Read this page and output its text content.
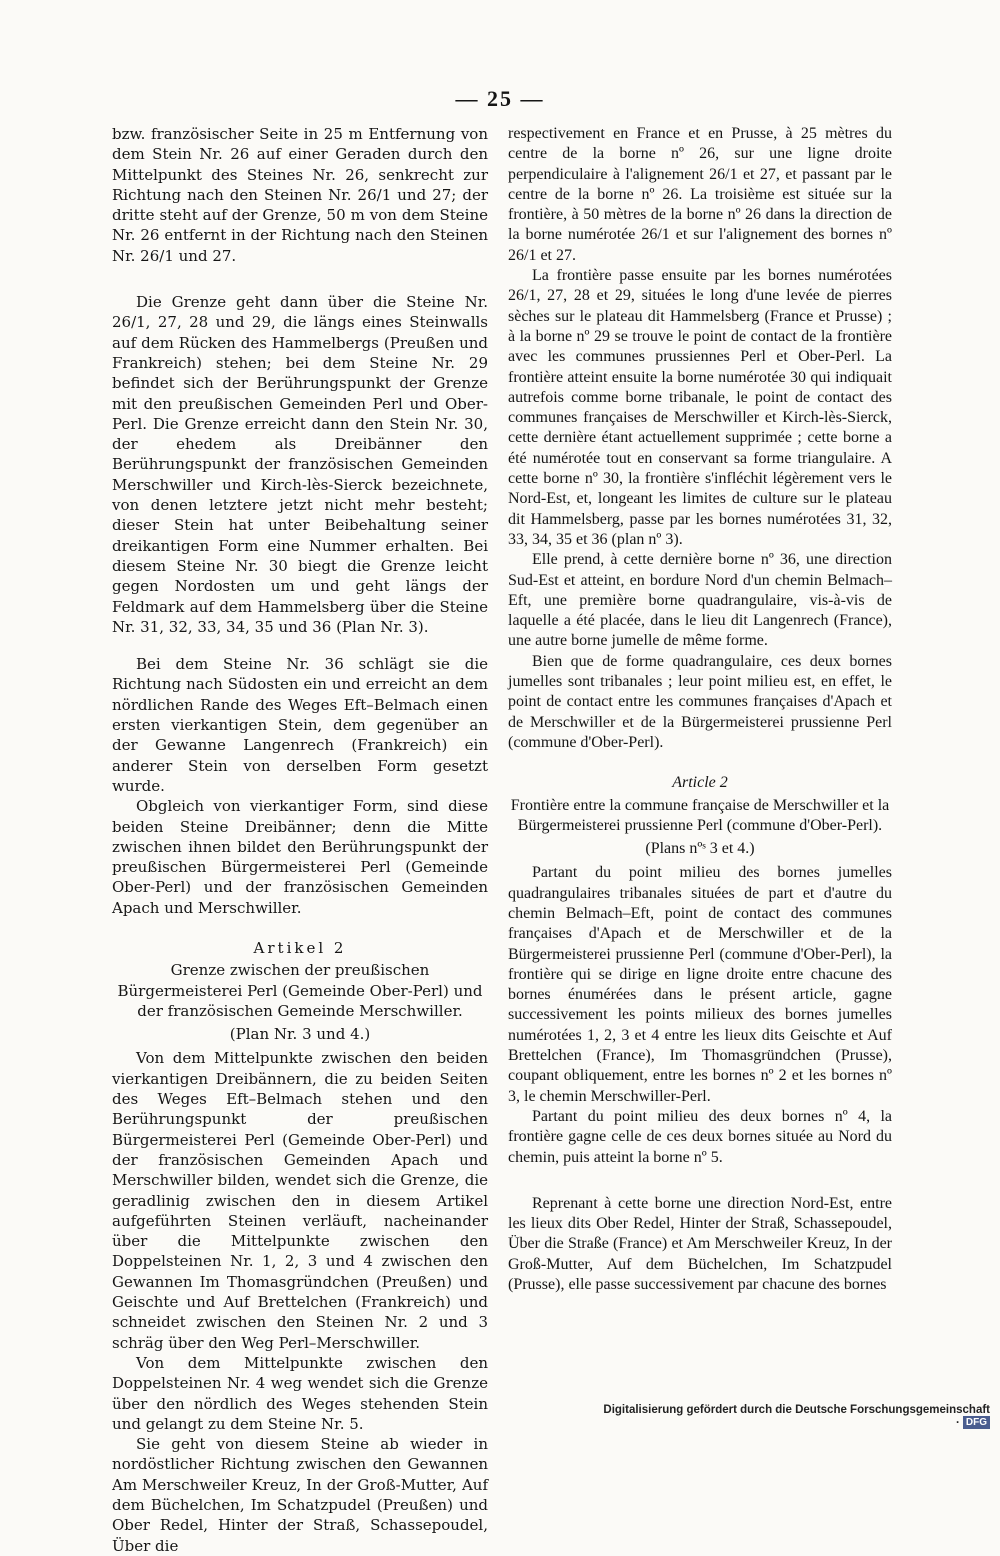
— 25 —

bzw. französischer Seite in 25 m Entfernung von dem Stein Nr. 26 auf einer Geraden durch den Mittelpunkt des Steines Nr. 26, senkrecht zur Richtung nach den Steinen Nr. 26/1 und 27; der dritte steht auf der Grenze, 50 m von dem Steine Nr. 26 entfernt in der Richtung nach den Steinen Nr. 26/1 und 27.

Die Grenze geht dann über die Steine Nr. 26/1, 27, 28 und 29, die längs eines Steinwalls auf dem Rücken des Hammelbergs (Preußen und Frankreich) stehen; bei dem Steine Nr. 29 befindet sich der Berührungspunkt der Grenze mit den preußischen Gemeinden Perl und Ober-Perl. Die Grenze erreicht dann den Stein Nr. 30, der ehedem als Dreibänner den Berührungspunkt der französischen Gemeinden Merschwiller und Kirch-lès-Sierck bezeichnete, von denen letztere jetzt nicht mehr besteht; dieser Stein hat unter Beibehaltung seiner dreikantigen Form eine Nummer erhalten. Bei diesem Steine Nr. 30 biegt die Grenze leicht gegen Nordosten um und geht längs der Feldmark auf dem Hammelsberg über die Steine Nr. 31, 32, 33, 34, 35 und 36 (Plan Nr. 3).

Bei dem Steine Nr. 36 schlägt sie die Richtung nach Südosten ein und erreicht an dem nördlichen Rande des Weges Eft–Belmach einen ersten vierkantigen Stein, dem gegenüber an der Gewanne Langenrech (Frankreich) ein anderer Stein von derselben Form gesetzt wurde.

Obgleich von vierkantiger Form, sind diese beiden Steine Dreibänner; denn die Mitte zwischen ihnen bildet den Berührungspunkt der preußischen Bürgermeisterei Perl (Gemeinde Ober-Perl) und der französischen Gemeinden Apach und Merschwiller.

Artikel 2

Grenze zwischen der preußischen Bürgermeisterei Perl (Gemeinde Ober-Perl) und der französischen Gemeinde Merschwiller.

(Plan Nr. 3 und 4.)

Von dem Mittelpunkte zwischen den beiden vierkantigen Dreibännern, die zu beiden Seiten des Weges Eft–Belmach stehen und den Berührungspunkt der preußischen Bürgermeisterei Perl (Gemeinde Ober-Perl) und der französischen Gemeinden Apach und Merschwiller bilden, wendet sich die Grenze, die geradlinig zwischen den in diesem Artikel aufgeführten Steinen verläuft, nacheinander über die Mittelpunkte zwischen den Doppelsteinen Nr. 1, 2, 3 und 4 zwischen den Gewannen Im Thomasgründchen (Preußen) und Geischte und Auf Brettelchen (Frankreich) und schneidet zwischen den Steinen Nr. 2 und 3 schräg über den Weg Perl–Merschwiller.

Von dem Mittelpunkte zwischen den Doppelsteinen Nr. 4 weg wendet sich die Grenze über den nördlich des Weges stehenden Stein und gelangt zu dem Steine Nr. 5.

Sie geht von diesem Steine ab wieder in nordöstlicher Richtung zwischen den Gewannen Am Merschweiler Kreuz, In der Groß-Mutter, Auf dem Büchelchen, Im Schatzpudel (Preußen) und Ober Redel, Hinter der Straß, Schassepoudel, Über die

respectivement en France et en Prusse, à 25 mètres du centre de la borne nº 26, sur une ligne droite perpendiculaire à l'alignement 26/1 et 27, et passant par le centre de la borne nº 26. La troisième est située sur la frontière, à 50 mètres de la borne nº 26 dans la direction de la borne numérotée 26/1 et sur l'alignement des bornes nº 26/1 et 27.

La frontière passe ensuite par les bornes numérotées 26/1, 27, 28 et 29, situées le long d'une levée de pierres sèches sur le plateau dit Hammelsberg (France et Prusse) ; à la borne nº 29 se trouve le point de contact de la frontière avec les communes prussiennes Perl et Ober-Perl. La frontière atteint ensuite la borne numérotée 30 qui indiquait autrefois comme borne tribanale, le point de contact des communes françaises de Merschwiller et Kirch-lès-Sierck, cette dernière étant actuellement supprimée ; cette borne a été numérotée tout en conservant sa forme triangulaire. A cette borne nº 30, la frontière s'infléchit légèrement vers le Nord-Est, et, longeant les limites de culture sur le plateau dit Hammelsberg, passe par les bornes numérotées 31, 32, 33, 34, 35 et 36 (plan nº 3).

Elle prend, à cette dernière borne nº 36, une direction Sud-Est et atteint, en bordure Nord d'un chemin Belmach–Eft, une première borne quadrangulaire, vis-à-vis de laquelle a été placée, dans le lieu dit Langenrech (France), une autre borne jumelle de même forme.

Bien que de forme quadrangulaire, ces deux bornes jumelles sont tribanales ; leur point milieu est, en effet, le point de contact entre les communes françaises d'Apach et de Merschwiller et de la Bürgermeisterei prussienne Perl (commune d'Ober-Perl).

Article 2

Frontière entre la commune française de Merschwiller et la Bürgermeisterei prussienne Perl (commune d'Ober-Perl).

(Plans nºˢ 3 et 4.)

Partant du point milieu des bornes jumelles quadrangulaires tribanales situées de part et d'autre du chemin Belmach–Eft, point de contact des communes françaises d'Apach et de Merschwiller et de la Bürgermeisterei prussienne Perl (commune d'Ober-Perl), la frontière qui se dirige en ligne droite entre chacune des bornes énumérées dans le présent article, gagne successivement les points milieux des bornes jumelles numérotées 1, 2, 3 et 4 entre les lieux dits Geischte et Auf Brettelchen (France), Im Thomasgründchen (Prusse), coupant obliquement, entre les bornes nº 2 et les bornes nº 3, le chemin Merschwiller-Perl.

Partant du point milieu des deux bornes nº 4, la frontière gagne celle de ces deux bornes située au Nord du chemin, puis atteint la borne nº 5.

Reprenant à cette borne une direction Nord-Est, entre les lieux dits Ober Redel, Hinter der Straß, Schassepoudel, Über die Straße (France) et Am Merschweiler Kreuz, In der Groß-Mutter, Auf dem Büchelchen, Im Schatzpudel (Prusse), elle passe successivement par chacune des bornes

Digitalisierung gefördert durch die Deutsche Forschungsgemeinschaft · DFG
